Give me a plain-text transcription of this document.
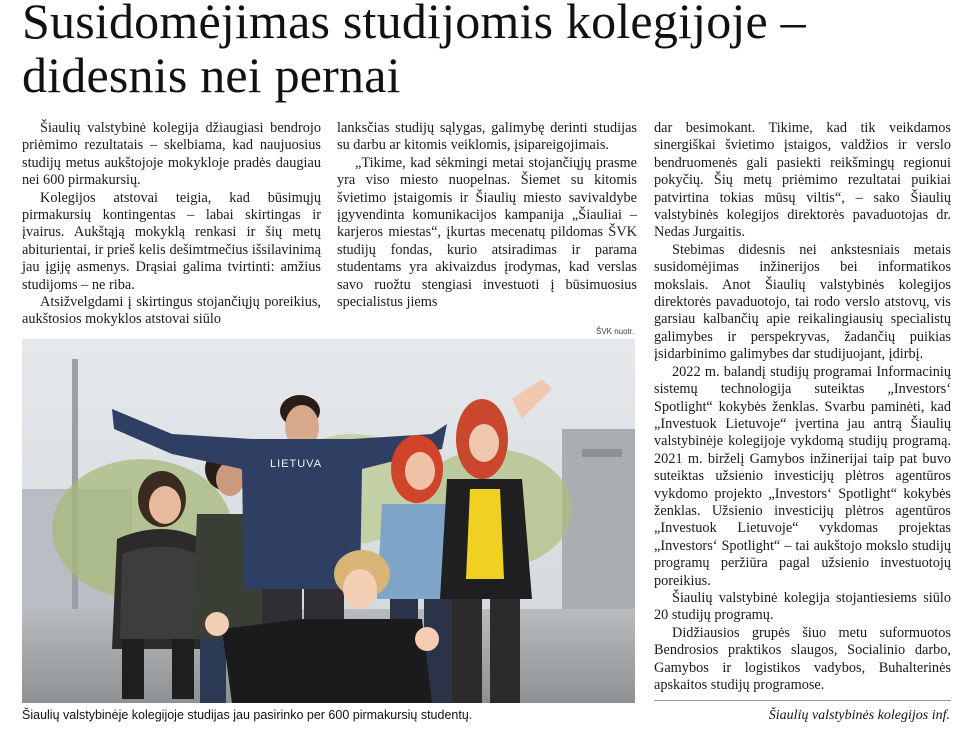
Susidomėjimas studijomis kolegijoje –
didesnis nei pernai

Šiaulių valstybinė kolegija džiaugiasi bendrojo priėmimo rezultatais – skelbiama, kad naujuosius studijų metus aukštojoje mokykloje pradės daugiau nei 600 pirmakursių.

Kolegijos atstovai teigia, kad būsimųjų pirmakursių kontingentas – labai skirtingas ir įvairus. Aukštąją mokyklą renkasi ir šių metų abiturientai, ir prieš kelis dešimtmečius išsilavinimą jau įgiję asmenys. Drąsiai galima tvirtinti: amžius studijoms – ne riba.

Atsižvelgdami į skirtingus stojančiųjų poreikius, aukštosios mokyklos atstovai siūlo

lanksčias studijų sąlygas, galimybę derinti studijas su darbu ar kitomis veiklomis, įsipareigojimais.

„Tikime, kad sėkmingi metai stojančiųjų prasme yra viso miesto nuopelnas. Šiemet su kitomis švietimo įstaigomis ir Šiaulių miesto savivaldybe įgyvendinta komunikacijos kampanija „Šiauliai – karjeros miestas“, įkurtas mecenatų pildomas ŠVK studijų fondas, kurio atsiradimas ir parama studentams yra akivaizdus įrodymas, kad verslas savo ruožtu stengiasi investuoti į būsimuosius specialistus jiems

ŠVK nuotr.
LIETUVA
Šiaulių valstybinėje kolegijoje studijas jau pasirinko per 600 pirmakursių studentų.

dar besimokant. Tikime, kad tik veikdamos sinergiškai švietimo įstaigos, valdžios ir verslo bendruomenės gali pasiekti reikšmingų regionui pokyčių. Šių metų priėmimo rezultatai puikiai patvirtina tokias mūsų viltis“, – sako Šiaulių valstybinės kolegijos direktorės pavaduotojas dr. Nedas Jurgaitis.

Stebimas didesnis nei ankstesniais metais susidomėjimas inžinerijos bei informatikos mokslais. Anot Šiaulių valstybinės kolegijos direktorės pavaduotojo, tai rodo verslo atstovų, vis garsiau kalbančių apie reikalingiausių specialistų galimybes ir perspekryvas, žadančių puikias įsidarbinimo galimybes dar studijuojant, įdirbį.

2022 m. balandį studijų programai Informacinių sistemų technologija suteiktas „Investors‘ Spotlight“ kokybės ženklas. Svarbu paminėti, kad „Investuok Lietuvoje“ įvertina jau antrą Šiaulių valstybinėje kolegijoje vykdomą studijų programą. 2021 m. birželį Gamybos inžinerijai taip pat buvo suteiktas užsienio investicijų plėtros agentūros vykdomo projekto „Investors‘ Spotlight“ kokybės ženklas. Užsienio investicijų plėtros agentūros „Investuok Lietuvoje“ vykdomas projektas „Investors‘ Spotlight“ – tai aukštojo mokslo studijų programų peržiūra pagal užsienio investuotojų poreikius.

Šiaulių valstybinė kolegija stojantiesiems siūlo 20 studijų programų.

Didžiausios grupės šiuo metu suformuotos Bendrosios praktikos slaugos, Socialinio darbo, Gamybos ir logistikos vadybos, Buhalterinės apskaitos studijų programose.

Šiaulių valstybinės kolegijos inf.
